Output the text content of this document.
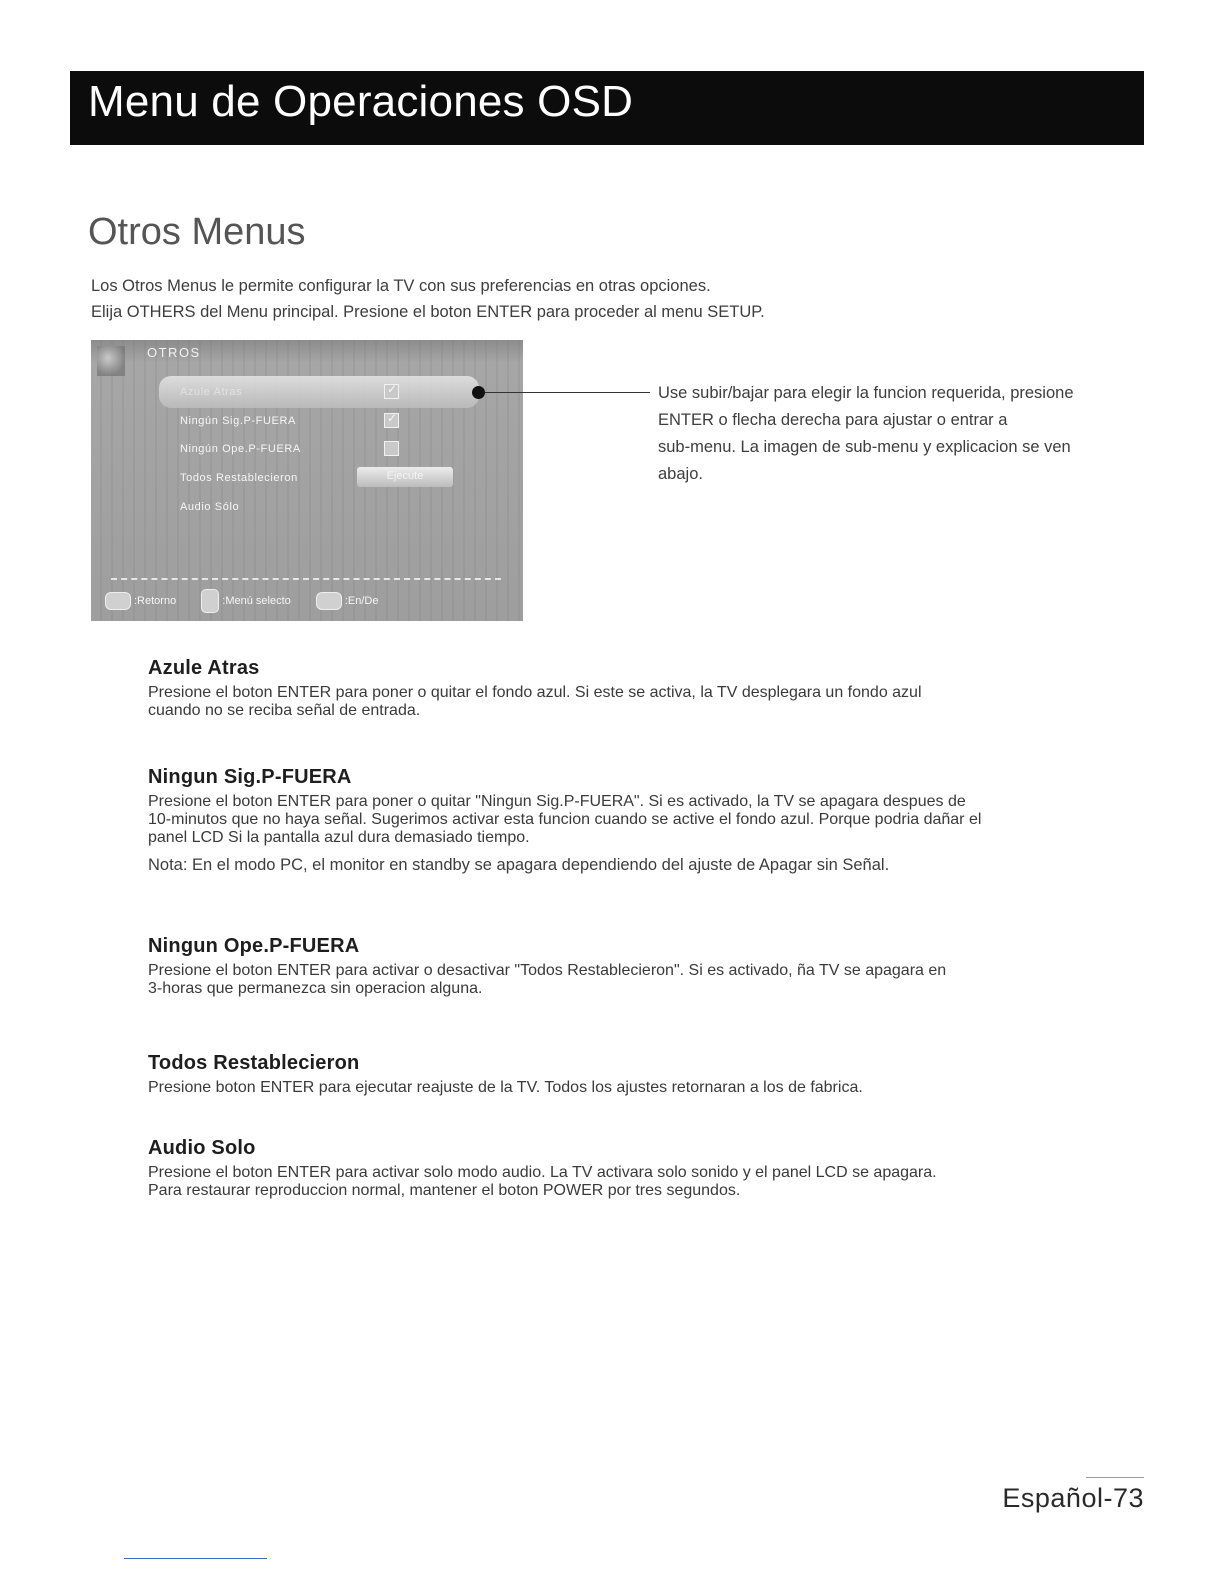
Menu de Operaciones OSD
Otros Menus
Los Otros Menus le permite configurar la TV con sus preferencias en otras opciones.
Elija OTHERS del Menu principal. Presione el boton ENTER para proceder al menu SETUP.
OTROS
Azule Atras	✓
Ningún Sig.P-FUERA	✓
Ningún Ope.P-FUERA
Todos Restablecieron	Ejecute
Audio Sólo
:Retorno	:Menú selecto	:En/De
Use subir/bajar para elegir la funcion requerida, presione
ENTER o flecha derecha para ajustar o entrar a
sub-menu. La imagen de sub-menu y explicacion se ven
abajo.
Azule Atras

Presione el boton ENTER para poner o quitar el fondo azul. Si este se activa, la TV desplegara un fondo azul
cuando no se reciba señal de entrada.

Ningun Sig.P-FUERA

Presione el boton ENTER para poner o quitar "Ningun Sig.P-FUERA". Si es activado, la TV se apagara despues de
10-minutos que no haya señal. Sugerimos activar esta funcion cuando se active el fondo azul. Porque podria dañar el
panel LCD Si la pantalla azul dura demasiado tiempo.

Nota: En el modo PC, el monitor en standby se apagara dependiendo del ajuste de Apagar sin Señal.

Ningun Ope.P-FUERA

Presione el boton ENTER para activar o desactivar "Todos Restablecieron". Si es activado, ña TV se apagara en
3-horas que permanezca sin operacion alguna.

Todos Restablecieron

Presione boton ENTER para ejecutar reajuste de la TV. Todos los ajustes retornaran a los de fabrica.

Audio Solo

Presione el boton ENTER para activar solo modo audio. La TV activara solo sonido y el panel LCD se apagara.
Para restaurar reproduccion normal, mantener el boton POWER por tres segundos.

Español-73
